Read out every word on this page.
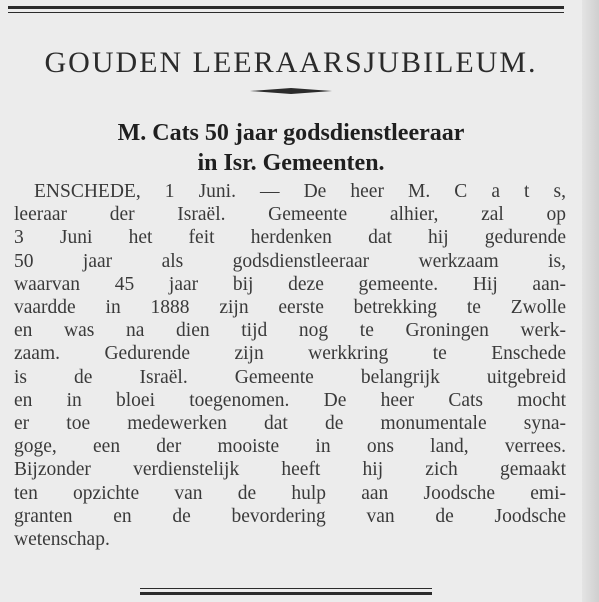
GOUDEN LEERAARSJUBILEUM.
M. Cats 50 jaar godsdienstleeraar
in Isr. Gemeenten.

ENSCHEDE, 1 Juni. — De heer M. C a t s,
leeraar der Israël. Gemeente alhier, zal op
3 Juni het feit herdenken dat hij gedurende
50 jaar als godsdienstleeraar werkzaam is,
waarvan 45 jaar bij deze gemeente. Hij aan-
vaardde in 1888 zijn eerste betrekking te Zwolle
en was na dien tijd nog te Groningen werk-
zaam. Gedurende zijn werkkring te Enschede
is de Israël. Gemeente belangrijk uitgebreid
en in bloei toegenomen. De heer Cats mocht
er toe medewerken dat de monumentale syna-
goge, een der mooiste in ons land, verrees.
Bijzonder verdienstelijk heeft hij zich gemaakt
ten opzichte van de hulp aan Joodsche emi-
granten en de bevordering van de Joodsche
wetenschap.
